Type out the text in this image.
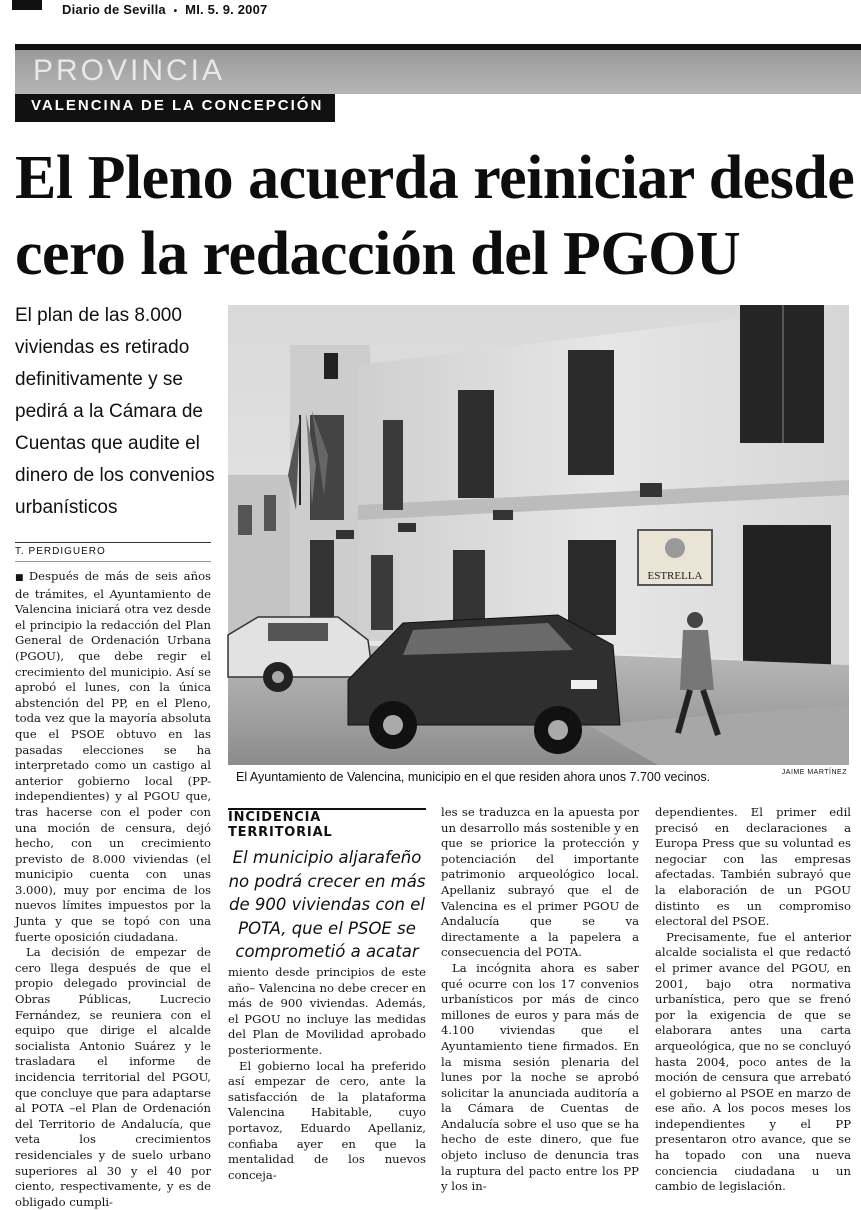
Diario de Sevilla • MI. 5. 9. 2007
PROVINCIA
VALENCINA DE LA CONCEPCIÓN
El Pleno acuerda reiniciar desde cero la redacción del PGOU
El plan de las 8.000 viviendas es retirado definitivamente y se pedirá a la Cámara de Cuentas que audite el dinero de los convenios urbanísticos
ESTRELLA
El Ayuntamiento de Valencina, municipio en el que residen ahora unos 7.700 vecinos.	JAIME MARTÍNEZ
T. PERDIGUERO

■ Después de más de seis años de trámites, el Ayuntamiento de Valencina iniciará otra vez desde el principio la redacción del Plan General de Ordenación Urbana (PGOU), que debe regir el crecimiento del municipio. Así se aprobó el lunes, con la única abstención del PP, en el Pleno, toda vez que la mayoría absoluta que el PSOE obtuvo en las pasadas elecciones se ha interpretado como un castigo al anterior gobierno local (PP-independientes) y al PGOU que, tras hacerse con el poder con una moción de censura, dejó hecho, con un crecimiento previsto de 8.000 viviendas (el municipio cuenta con unas 3.000), muy por encima de los nuevos límites impuestos por la Junta y que se topó con una fuerte oposición ciudadana.

La decisión de empezar de cero llega después de que el propio delegado provincial de Obras Públicas, Lucrecio Fernández, se reuniera con el equipo que dirige el alcalde socialista Antonio Suárez y le trasladara el informe de incidencia territorial del PGOU, que concluye que para adaptarse al POTA –el Plan de Ordenación del Territorio de Andalucía, que veta los crecimientos residenciales y de suelo urbano superiores al 30 y el 40 por ciento, respectivamente, y es de obligado cumpli-

INCIDENCIA TERRITORIAL
El municipio aljarafeño no podrá crecer en más de 900 viviendas con el POTA, que el PSOE se comprometió a acatar

miento desde principios de este año– Valencina no debe crecer en más de 900 viviendas. Además, el PGOU no incluye las medidas del Plan de Movilidad aprobado posteriormente.

El gobierno local ha preferido así empezar de cero, ante la satisfacción de la plataforma Valencina Habitable, cuyo portavoz, Eduardo Apellaniz, confiaba ayer en que la mentalidad de los nuevos conceja-

les se traduzca en la apuesta por un desarrollo más sostenible y en que se priorice la protección y potenciación del importante patrimonio arqueológico local. Apellaniz subrayó que el de Valencina es el primer PGOU de Andalucía que se va directamente a la papelera a consecuencia del POTA.

La incógnita ahora es saber qué ocurre con los 17 convenios urbanísticos por más de cinco millones de euros y para más de 4.100 viviendas que el Ayuntamiento tiene firmados. En la misma sesión plenaria del lunes por la noche se aprobó solicitar la anunciada auditoría a la Cámara de Cuentas de Andalucía sobre el uso que se ha hecho de este dinero, que fue objeto incluso de denuncia tras la ruptura del pacto entre los PP y los in-

dependientes. El primer edil precisó en declaraciones a Europa Press que su voluntad es negociar con las empresas afectadas. También subrayó que la elaboración de un PGOU distinto es un compromiso electoral del PSOE.

Precisamente, fue el anterior alcalde socialista el que redactó el primer avance del PGOU, en 2001, bajo otra normativa urbanística, pero que se frenó por la exigencia de que se elaborara antes una carta arqueológica, que no se concluyó hasta 2004, poco antes de la moción de censura que arrebató el gobierno al PSOE en marzo de ese año. A los pocos meses los independientes y el PP presentaron otro avance, que se ha topado con una nueva conciencia ciudadana u un cambio de legislación.
